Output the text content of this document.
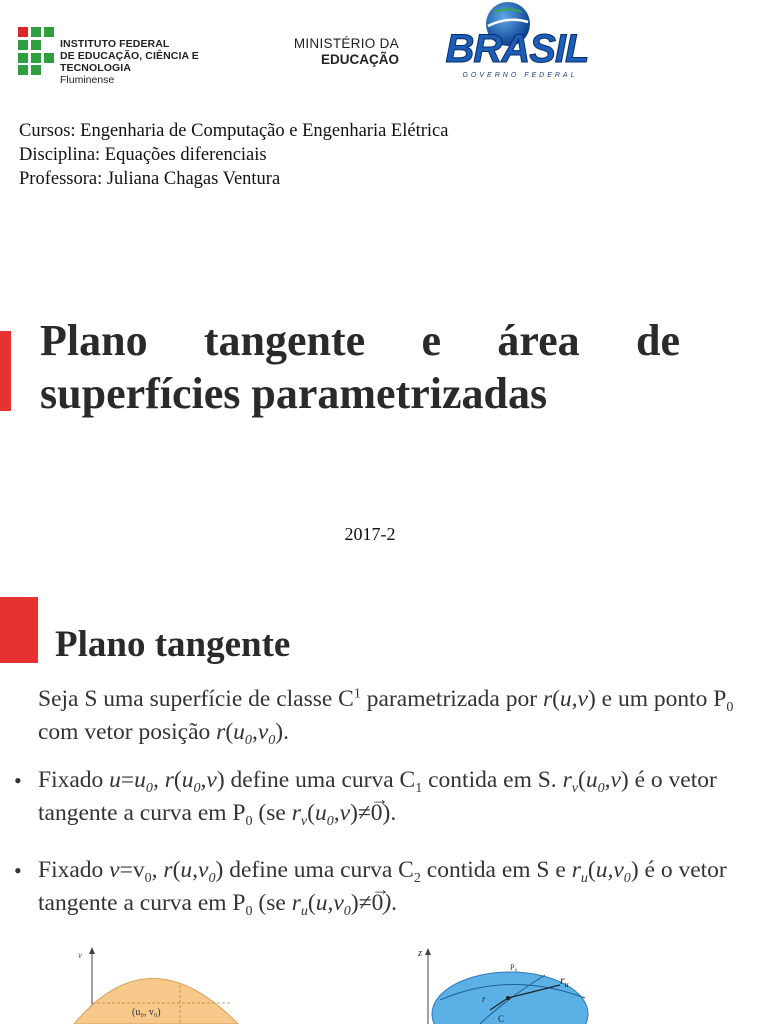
INSTITUTO FEDERAL
DE EDUCAÇÃO, CIÊNCIA E TECNOLOGIA
Fluminense
MINISTÉRIO DA
EDUCAÇÃO BRASIL
GOVERNO FEDERAL
Cursos: Engenharia de Computação e Engenharia Elétrica
Disciplina: Equações diferenciais
Professora: Juliana Chagas Ventura
Plano tangente e área de
superfícies parametrizadas
2017-2
Plano tangente
Seja S uma superfície de classe $C^1$ parametrizada por r(u,v) e um ponto $P_0$ com vetor posição $r(u_0,v_0)$.
• Fixado $u=u_0$, $r(u_0,v)$ define uma curva $C_1$ contida em S. $r_v(u_0,v)$ é o vetor tangente a curva em $P_0$ (se $r_v(u_0,v)\ne\to 0$).
• Fixado $v=v_0$, $r(u,v_0)$ define uma curva $C_2$ contida em S e $r_u(u,v_0)$ é o vetor tangente a curva em $P_0$ (se $r_u(u,v_0)\ne\to 0$).
v
(u₀, v₀)
z
P₀
$r_u$
r
C
